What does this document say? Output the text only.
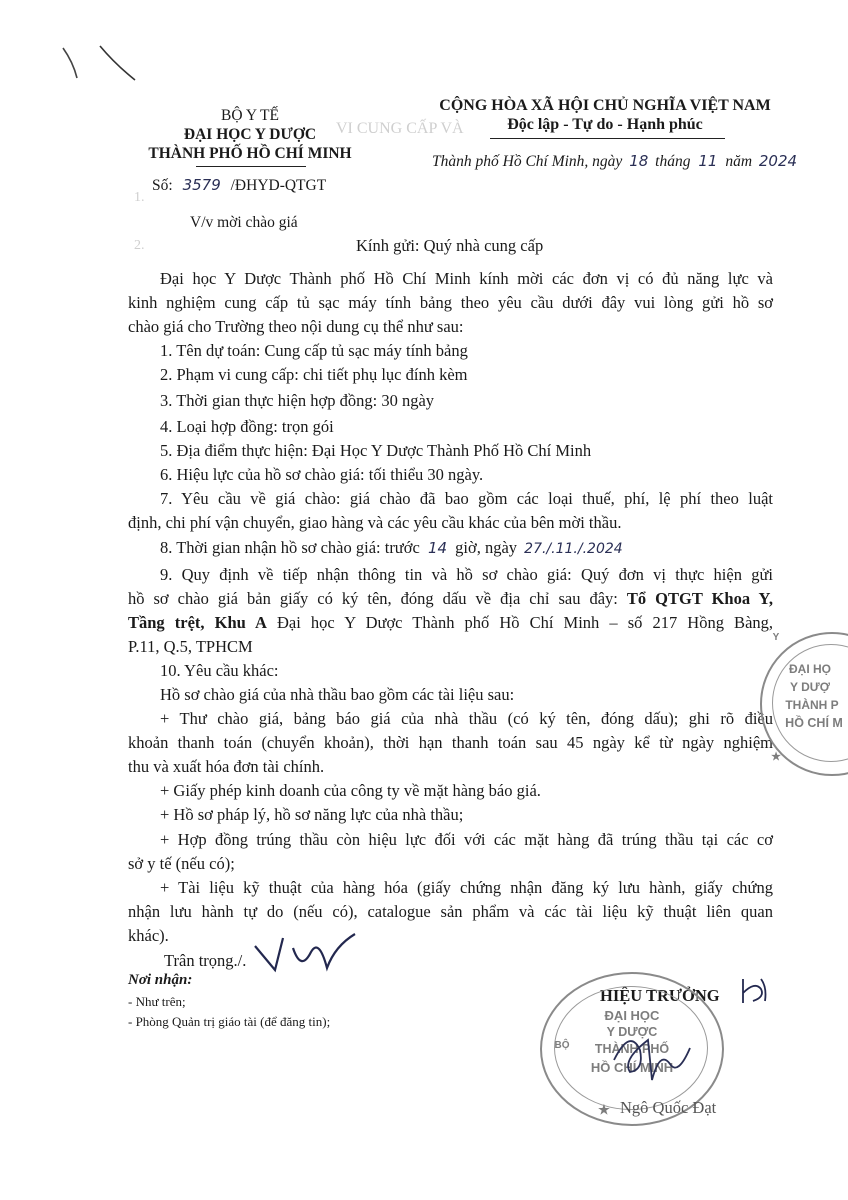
VI CUNG CẤP VÀ
1.
2.
BỘ Y TẾ
ĐẠI HỌC Y DƯỢC
THÀNH PHỐ HỒ CHÍ MINH
Số: 3579 /ĐHYD-QTGT
V/v mời chào giá
CỘNG HÒA XÃ HỘI CHỦ NGHĨA VIỆT NAM
Độc lập - Tự do - Hạnh phúc
Thành phố Hồ Chí Minh, ngày 18 tháng 11 năm 2024
Kính gửi: Quý nhà cung cấp
Đại học Y Dược Thành phố Hồ Chí Minh kính mời các đơn vị có đủ năng lực và
kinh nghiệm cung cấp tủ sạc máy tính bảng theo yêu cầu dưới đây vui lòng gửi hồ sơ
chào giá cho Trường theo nội dung cụ thể như sau:
1. Tên dự toán: Cung cấp tủ sạc máy tính bảng
2. Phạm vi cung cấp: chi tiết phụ lục đính kèm
3. Thời gian thực hiện hợp đồng: 30 ngày
4. Loại hợp đồng: trọn gói
5. Địa điểm thực hiện: Đại Học Y Dược Thành Phố Hồ Chí Minh
6. Hiệu lực của hồ sơ chào giá: tối thiểu 30 ngày.
7. Yêu cầu về giá chào: giá chào đã bao gồm các loại thuế, phí, lệ phí theo luật
định, chi phí vận chuyển, giao hàng và các yêu cầu khác của bên mời thầu.
8. Thời gian nhận hồ sơ chào giá: trước 14 giờ, ngày 27./.11./.2024
9. Quy định về tiếp nhận thông tin và hồ sơ chào giá: Quý đơn vị thực hiện gửi
hồ sơ chào giá bản giấy có ký tên, đóng dấu về địa chỉ sau đây: Tổ QTGT Khoa Y,
Tầng trệt, Khu A Đại học Y Dược Thành phố Hồ Chí Minh – số 217 Hồng Bàng,
P.11, Q.5, TPHCM
10. Yêu cầu khác:
Hồ sơ chào giá của nhà thầu bao gồm các tài liệu sau:
+ Thư chào giá, bảng báo giá của nhà thầu (có ký tên, đóng dấu); ghi rõ điều
khoản thanh toán (chuyển khoản), thời hạn thanh toán sau 45 ngày kể từ ngày nghiệm
thu và xuất hóa đơn tài chính.
+ Giấy phép kinh doanh của công ty về mặt hàng báo giá.
+ Hồ sơ pháp lý, hồ sơ năng lực của nhà thầu;
+ Hợp đồng trúng thầu còn hiệu lực đối với các mặt hàng đã trúng thầu tại các cơ
sở y tế (nếu có);
+ Tài liệu kỹ thuật của hàng hóa (giấy chứng nhận đăng ký lưu hành, giấy chứng
nhận lưu hành tự do (nếu có), catalogue sản phẩm và các tài liệu kỹ thuật liên quan
khác).
Trân trọng./.
Nơi nhận:
- Như trên;
- Phòng Quản trị giáo tài (để đăng tin);
HIỆU TRƯỞNG
ĐẠI HỌC
Y DƯỢC
THÀNH PHỐ
HỒ CHÍ MINH
BỘ
★ Ngô Quốc Đạt
Y
ĐẠI HỌ
Y DƯỢ
THÀNH P
HỒ CHÍ M
★
